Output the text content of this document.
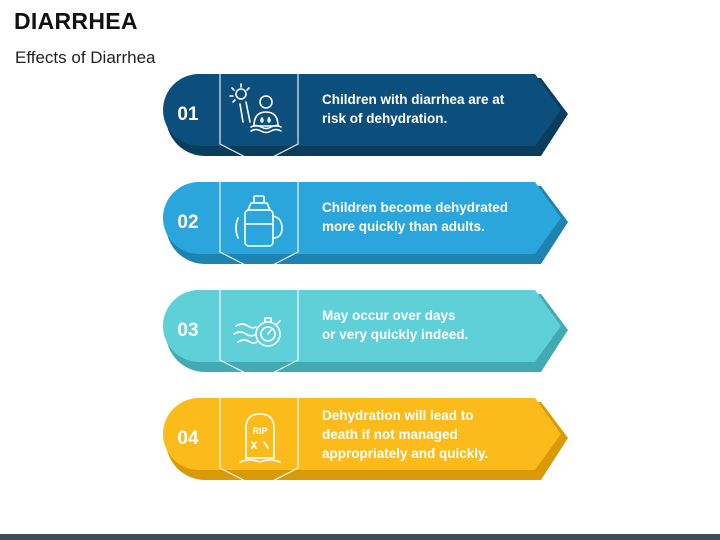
DIARRHEA
Effects of Diarrhea
01
Children with diarrhea are at
risk of dehydration.
02
Children become dehydrated
more quickly than adults.
03
May occur over days
or very quickly indeed.
04	RIP
Dehydration will lead to
death if not managed
appropriately and quickly.
